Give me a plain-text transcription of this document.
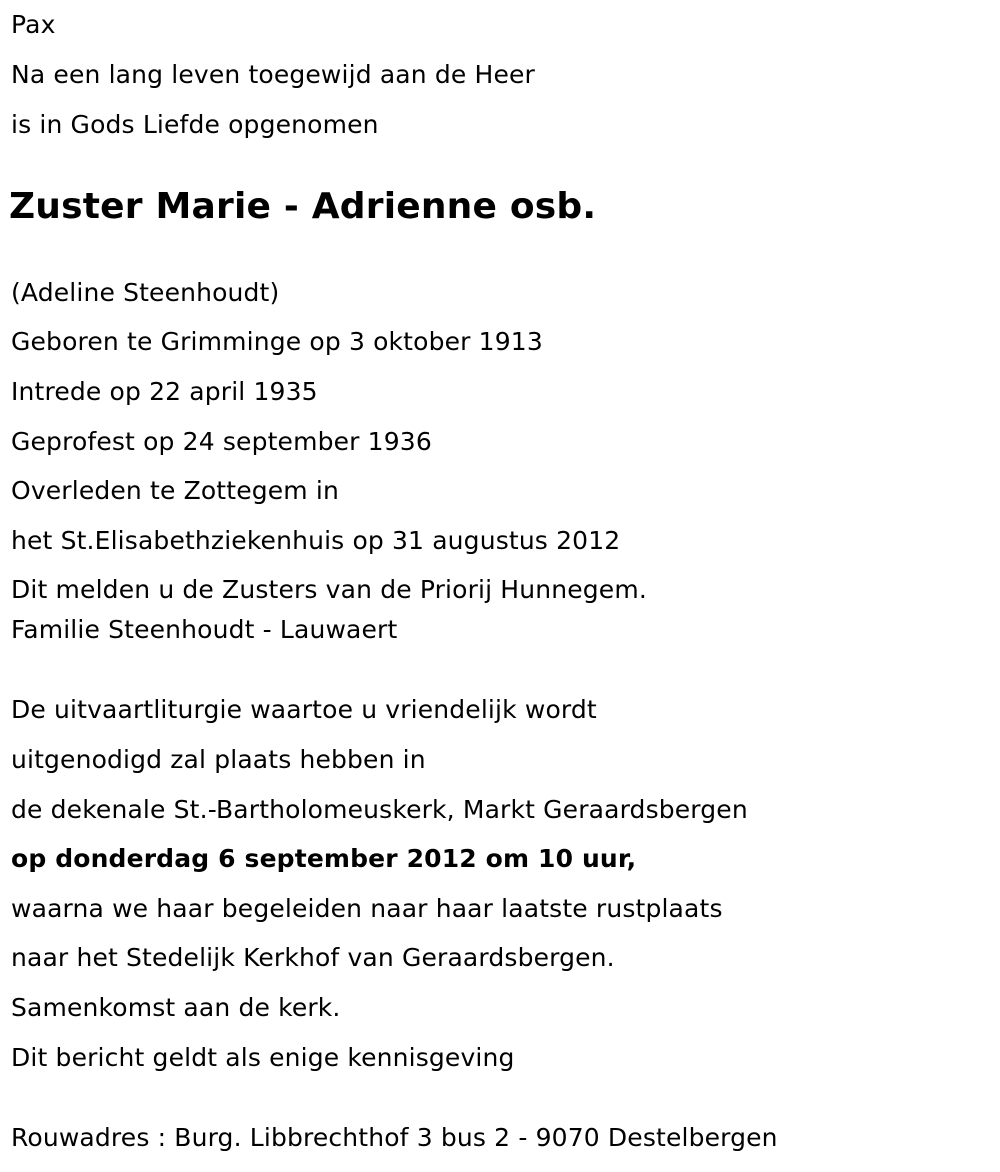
Pax
Na een lang leven toegewijd aan de Heer
is in Gods Liefde opgenomen
Zuster Marie - Adrienne osb.
(Adeline Steenhoudt)
Geboren te Grimminge op 3 oktober 1913
Intrede op 22 april 1935
Geprofest op 24 september 1936
Overleden te Zottegem in
het St.Elisabethziekenhuis op 31 augustus 2012
Dit melden u de Zusters van de Priorij Hunnegem.
Familie Steenhoudt - Lauwaert
De uitvaartliturgie waartoe u vriendelijk wordt
uitgenodigd zal plaats hebben in
de dekenale St.-Bartholomeuskerk, Markt Geraardsbergen
op donderdag 6 september 2012 om 10 uur,
waarna we haar begeleiden naar haar laatste rustplaats
naar het Stedelijk Kerkhof van Geraardsbergen.
Samenkomst aan de kerk.
Dit bericht geldt als enige kennisgeving
Rouwadres : Burg. Libbrechthof 3 bus 2 - 9070 Destelbergen
